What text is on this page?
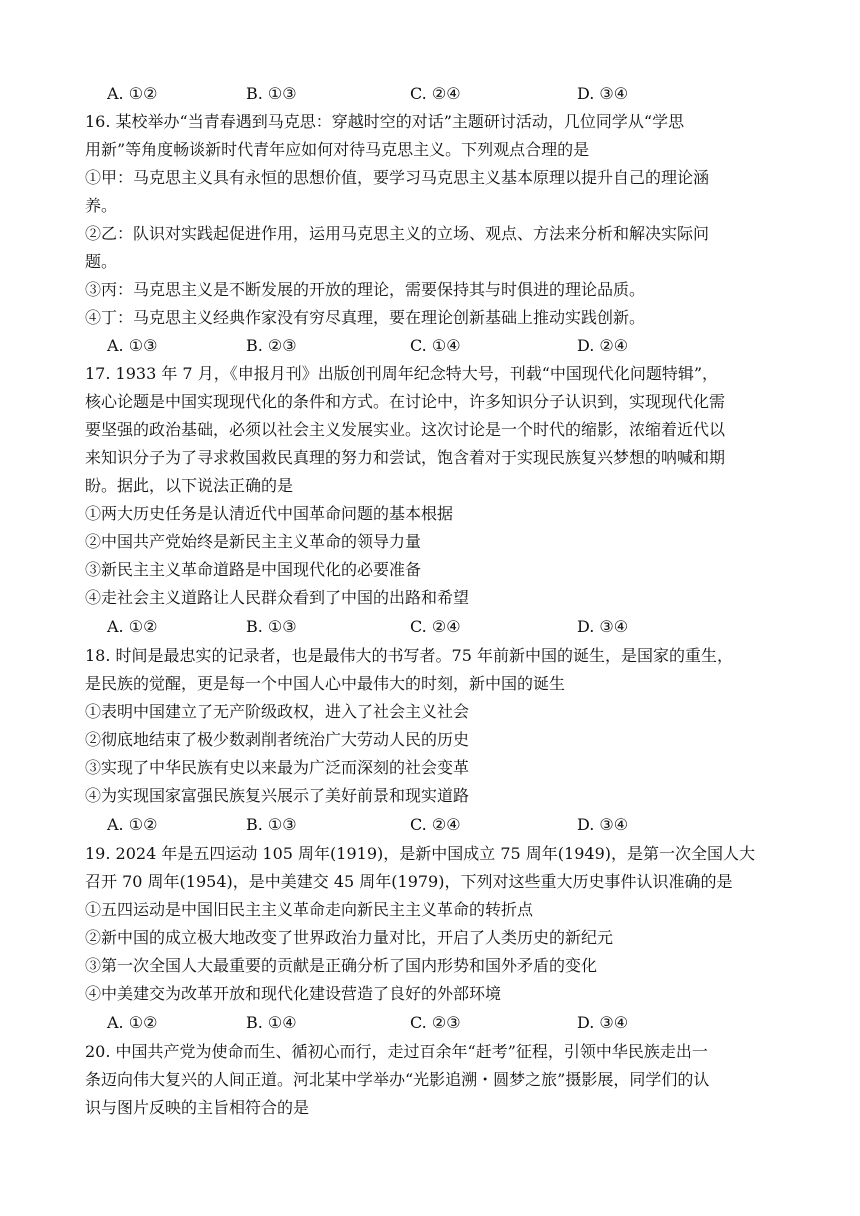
A. ①②	B. ①③	C. ②④	D. ③④
16. 某校举办“当青春遇到马克思：穿越时空的对话”主题研讨活动，几位同学从“学思
用新”等角度畅谈新时代青年应如何对待马克思主义。下列观点合理的是
①甲：马克思主义具有永恒的思想价值，要学习马克思主义基本原理以提升自己的理论涵
养。
②乙：队识对实践起促进作用，运用马克思主义的立场、观点、方法来分析和解决实际问
题。
③丙：马克思主义是不断发展的开放的理论，需要保持其与时俱进的理论品质。
④丁：马克思主义经典作家没有穷尽真理，要在理论创新基础上推动实践创新。
A. ①③	B. ②③	C. ①④	D. ②④
17. 1933 年 7 月，《申报月刊》出版创刊周年纪念特大号，刊载“中国现代化问题特辑”，
核心论题是中国实现现代化的条件和方式。在讨论中，许多知识分子认识到，实现现代化需
要坚强的政治基础，必须以社会主义发展实业。这次讨论是一个时代的缩影，浓缩着近代以
来知识分子为了寻求救国救民真理的努力和尝试，饱含着对于实现民族复兴梦想的呐喊和期
盼。据此，以下说法正确的是
①两大历史任务是认清近代中国革命问题的基本根据
②中国共产党始终是新民主主义革命的领导力量
③新民主主义革命道路是中国现代化的必要准备
④走社会主义道路让人民群众看到了中国的出路和希望
A. ①②	B. ①③	C. ②④	D. ③④
18. 时间是最忠实的记录者，也是最伟大的书写者。75 年前新中国的诞生，是国家的重生，
是民族的觉醒，更是每一个中国人心中最伟大的时刻，新中国的诞生
①表明中国建立了无产阶级政权，进入了社会主义社会
②彻底地结束了极少数剥削者统治广大劳动人民的历史
③实现了中华民族有史以来最为广泛而深刻的社会变革
④为实现国家富强民族复兴展示了美好前景和现实道路
A. ①②	B. ①③	C. ②④	D. ③④
19. 2024 年是五四运动 105 周年(1919)，是新中国成立 75 周年(1949)，是第一次全国人大
召开 70 周年(1954)，是中美建交 45 周年(1979)，下列对这些重大历史事件认识准确的是
①五四运动是中国旧民主主义革命走向新民主主义革命的转折点
②新中国的成立极大地改变了世界政治力量对比，开启了人类历史的新纪元
③第一次全国人大最重要的贡献是正确分析了国内形势和国外矛盾的变化
④中美建交为改革开放和现代化建设营造了良好的外部环境
A. ①②	B. ①④	C. ②③	D. ③④
20. 中国共产党为使命而生、循初心而行，走过百余年“赶考”征程，引领中华民族走出一
条迈向伟大复兴的人间正道。河北某中学举办“光影追溯・圆梦之旅”摄影展，同学们的认
识与图片反映的主旨相符合的是
